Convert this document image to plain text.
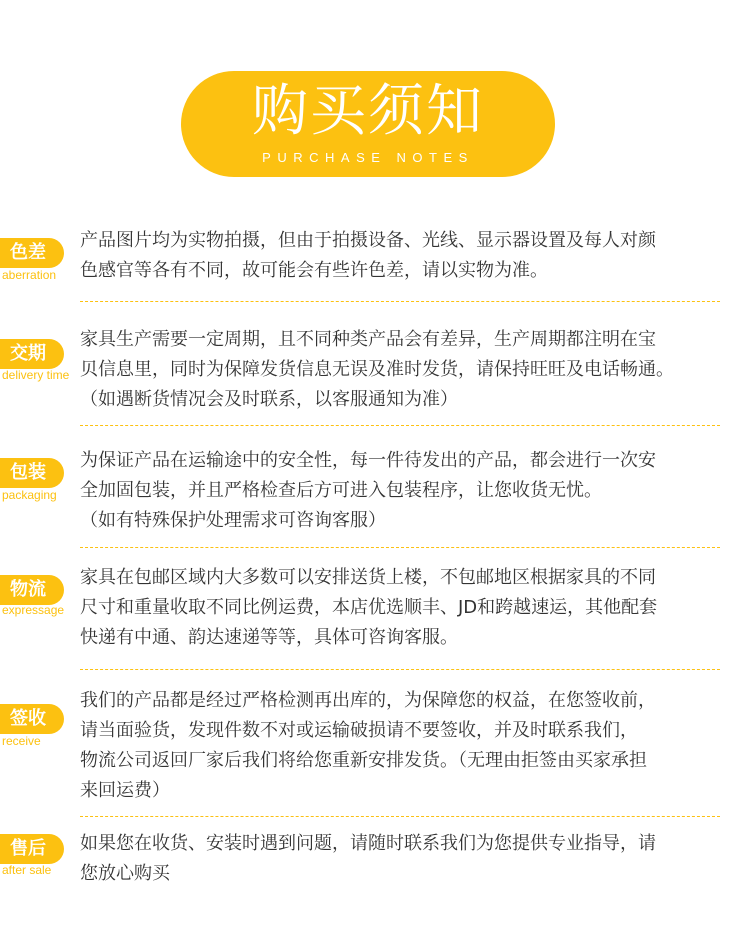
购买须知
PURCHASE NOTES
色差
aberration
产品图片均为实物拍摄，但由于拍摄设备、光线、显示器设置及每人对颜
色感官等各有不同，故可能会有些许色差，请以实物为准。
交期
delivery time
家具生产需要一定周期，且不同种类产品会有差异，生产周期都注明在宝
贝信息里，同时为保障发货信息无误及准时发货，请保持旺旺及电话畅通。
（如遇断货情况会及时联系，以客服通知为准）
包装
packaging
为保证产品在运输途中的安全性，每一件待发出的产品，都会进行一次安
全加固包装，并且严格检查后方可进入包装程序，让您收货无忧。
（如有特殊保护处理需求可咨询客服）
物流
expressage
家具在包邮区域内大多数可以安排送货上楼，不包邮地区根据家具的不同
尺寸和重量收取不同比例运费，本店优选顺丰、JD和跨越速运，其他配套
快递有中通、韵达速递等等，具体可咨询客服。
签收
receive
我们的产品都是经过严格检测再出库的，为保障您的权益，在您签收前，
请当面验货，发现件数不对或运输破损请不要签收，并及时联系我们，
物流公司返回厂家后我们将给您重新安排发货。（无理由拒签由买家承担
来回运费）
售后
after sale
如果您在收货、安装时遇到问题，请随时联系我们为您提供专业指导，请
您放心购买
